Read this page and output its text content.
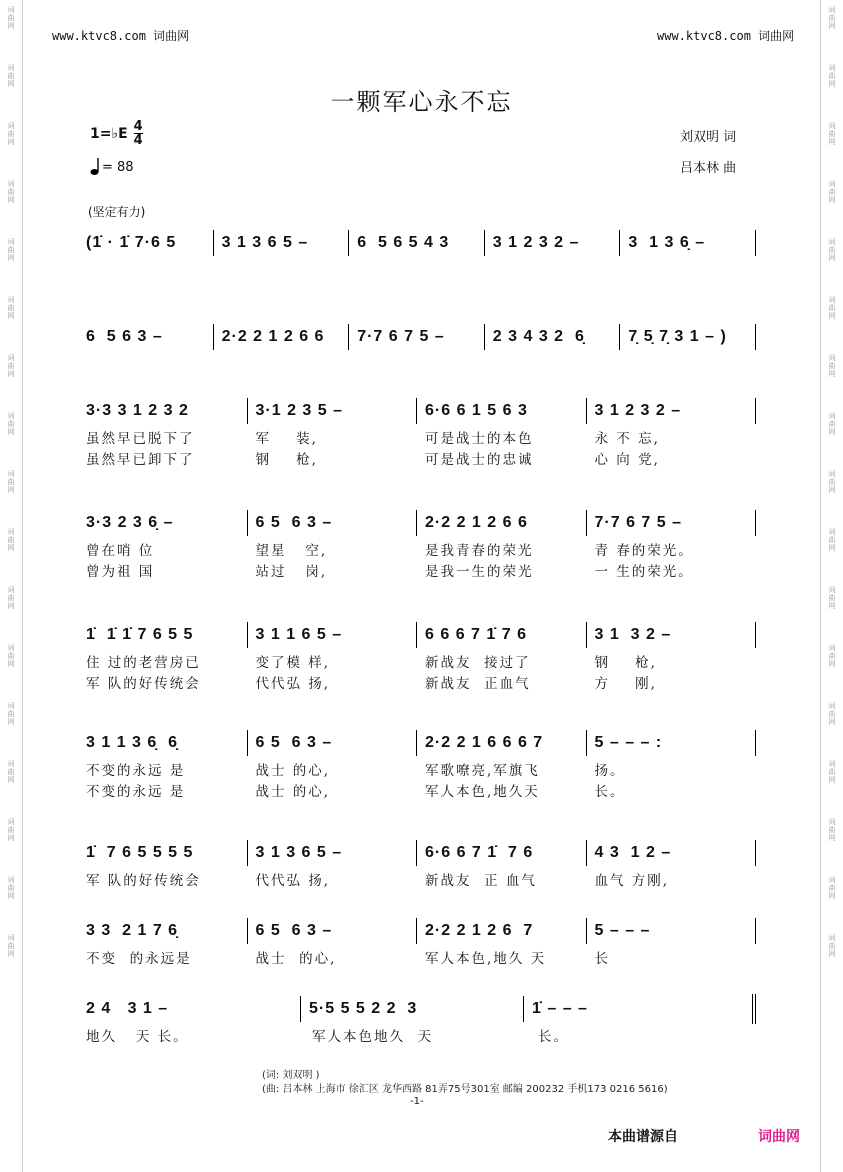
词
曲
网
词
曲
网
词
曲
网
词
曲
网
词
曲
网
词
曲
网
词
曲
网
词
曲
网
词
曲
网
词
曲
网
词
曲
网
词
曲
网
词
曲
网
词
曲
网
词
曲
网
词
曲
网
词
曲
网
词
曲
网
词
曲
网
词
曲
网
词
曲
网
词
曲
网
词
曲
网
词
曲
网
词
曲
网
词
曲
网
词
曲
网
词
曲
网
词
曲
网
词
曲
网
词
曲
网
词
曲
网
词
曲
网
词
曲
网
www.ktvc8.com 词曲网	www.ktvc8.com 词曲网
一颗军心永不忘
1=♭E $\frac{4}{4}$
= 88
刘双明 词
吕本林 曲
(坚定有力)
(1̇ · 1̇ 7·6 5	3 1 3 6 5 –	6  5 6 5 4 3	3 1 2 3 2 –	3  1 3 6̣ –
6  5 6 3 –	2·2 2 1 2 6 6	7·7 6 7 5 –	2 3 4 3 2  6̣	7̣ 5̣ 7̣ 3 1 – )
3·3 3 1 2 3 2	3·1 2 3 5 –	6·6 6 1 5 6 3	3 1 2 3 2 –
虽然早已脱下了	军    装,	可是战士的本色	永 不 忘,
虽然早已卸下了	钢    枪,	可是战士的忠诚	心 向 党,
3·3 2 3 6̣ –	6 5  6 3 –	2·2 2 1 2 6 6	7·7 6 7 5 –
曾在哨 位	望星   空,	是我青春的荣光	青 春的荣光。
曾为祖 国	站过   岗,	是我一生的荣光	一 生的荣光。
1̇  1̇ 1̇ 7 6 5 5	3 1 1 6 5 –	6 6 6 7 1̇ 7 6	3 1  3 2 –
住 过的老营房已	变了模 样,	新战友  接过了	钢    枪,
军 队的好传统会	代代弘 扬,	新战友  正血气	方    刚,
3 1 1 3 6̣  6̣	6 5  6 3 –	2·2 2 1 6 6 6 7	5 – – – :
不变的永远 是	战士 的心,	军歌嘹亮,军旗飞	扬。
不变的永远 是	战士 的心,	军人本色,地久天	长。
1̇  7 6 5 5 5 5	3 1 3 6 5 –	6·6 6 7 1̇  7 6	4 3  1 2 –
军 队的好传统会	代代弘 扬,	新战友  正 血气	血气 方刚,
3 3  2 1 7 6̣	6 5  6 3 –	2·2 2 1 2 6  7	5 – – –
不变  的永远是	战士  的心,	军人本色,地久 天	长
2 4   3 1 –	5·5 5 5 2 2  3	1̇ – – –
地久   天 长。	军人本色地久  天	长。
(词: 刘双明 )
(曲: 吕本林 上海市 徐汇区 龙华西路 81弄75号301室 邮编 200232 手机173 0216 5616)
-1-
本曲谱源自	词曲网
